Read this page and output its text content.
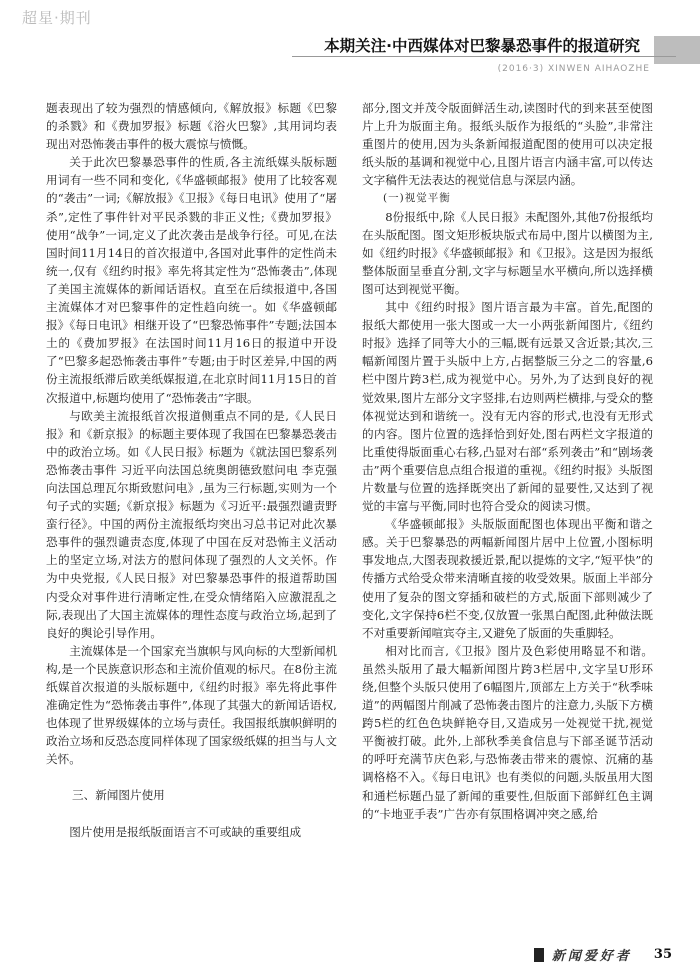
超星·期刊
本期关注·中西媒体对巴黎暴恐事件的报道研究
(2016·3) XINWEN AIHAOZHE

题表现出了较为强烈的情感倾向,《解放报》标题《巴黎的杀戮》和《费加罗报》标题《浴火巴黎》,其用词均表现出对恐怖袭击事件的极大震惊与愤慨。

关于此次巴黎暴恐事件的性质,各主流纸媒头版标题用词有一些不同和变化,《华盛顿邮报》使用了比较客观的“袭击”一词;《解放报》《卫报》《每日电讯》使用了“屠杀”,定性了事件针对平民杀戮的非正义性;《费加罗报》使用“战争”一词,定义了此次袭击是战争行径。可见,在法国时间11月14日的首次报道中,各国对此事件的定性尚未统一,仅有《纽约时报》率先将其定性为“恐怖袭击”,体现了美国主流媒体的新闻话语权。直至在后续报道中,各国主流媒体才对巴黎事件的定性趋向统一。如《华盛顿邮报》《每日电讯》相继开设了“巴黎恐怖事件”专题;法国本土的《费加罗报》在法国时间11月16日的报道中开设了“巴黎多起恐怖袭击事件”专题;由于时区差异,中国的两份主流报纸滞后欧美纸媒报道,在北京时间11月15日的首次报道中,标题均使用了“恐怖袭击”字眼。

与欧美主流报纸首次报道侧重点不同的是,《人民日报》和《新京报》的标题主要体现了我国在巴黎暴恐袭击中的政治立场。如《人民日报》标题为《就法国巴黎系列恐怖袭击事件 习近平向法国总统奥朗德致慰问电 李克强向法国总理瓦尔斯致慰问电》,虽为三行标题,实则为一个句子式的实题;《新京报》标题为《习近平:最强烈谴责野蛮行径》。中国的两份主流报纸均突出习总书记对此次暴恐事件的强烈谴责态度,体现了中国在反对恐怖主义活动上的坚定立场,对法方的慰问体现了强烈的人文关怀。作为中央党报,《人民日报》对巴黎暴恐事件的报道帮助国内受众对事件进行清晰定性,在受众情绪陷入应激混乱之际,表现出了大国主流媒体的理性态度与政治立场,起到了良好的舆论引导作用。

主流媒体是一个国家充当旗帜与风向标的大型新闻机构,是一个民族意识形态和主流价值观的标尺。在8份主流纸媒首次报道的头版标题中,《纽约时报》率先将此事件准确定性为“恐怖袭击事件”,体现了其强大的新闻话语权,也体现了世界级媒体的立场与责任。我国报纸旗帜鲜明的政治立场和反恐态度同样体现了国家级纸媒的担当与人文关怀。

三、新闻图片使用

图片使用是报纸版面语言不可或缺的重要组成

部分,图文并茂令版面鲜活生动,读图时代的到来甚至使图片上升为版面主角。报纸头版作为报纸的“头脸”,非常注重图片的使用,因为头条新闻报道配图的使用可以决定报纸头版的基调和视觉中心,且图片语言内涵丰富,可以传达文字稿件无法表达的视觉信息与深层内涵。

(一)视觉平衡

8份报纸中,除《人民日报》未配图外,其他7份报纸均在头版配图。图文矩形板块版式布局中,图片以横图为主,如《纽约时报》《华盛顿邮报》和《卫报》。这是因为报纸整体版面呈垂直分割,文字与标题呈水平横向,所以选择横图可达到视觉平衡。

其中《纽约时报》图片语言最为丰富。首先,配图的报纸大都使用一张大图或一大一小两张新闻图片,《纽约时报》选择了同等大小的三幅,既有远景又含近景;其次,三幅新闻图片置于头版中上方,占据整版三分之二的容量,6栏中图片跨3栏,成为视觉中心。另外,为了达到良好的视觉效果,图片左部分文字竖排,右边则两栏横排,与受众的整体视觉达到和谐统一。没有无内容的形式,也没有无形式的内容。图片位置的选择恰到好处,图右两栏文字报道的比重使得版面重心右移,凸显对右部“系列袭击”和“剧场袭击”两个重要信息点组合报道的重视。《纽约时报》头版图片数量与位置的选择既突出了新闻的显要性,又达到了视觉的丰富与平衡,同时也符合受众的阅读习惯。

《华盛顿邮报》头版版面配图也体现出平衡和谐之感。关于巴黎暴恐的两幅新闻图片居中上位置,小图标明事发地点,大图表现救援近景,配以提炼的文字,“短平快”的传播方式给受众带来清晰直接的收受效果。版面上半部分使用了复杂的图文穿插和破栏的方式,版面下部则减少了变化,文字保持6栏不变,仅放置一张黑白配图,此种做法既不对重要新闻喧宾夺主,又避免了版面的失重脚轻。

相对比而言,《卫报》图片及色彩使用略显不和谐。虽然头版用了最大幅新闻图片跨3栏居中,文字呈U形环绕,但整个头版只使用了6幅图片,顶部左上方关于“秋季味道”的两幅图片削减了恐怖袭击图片的注意力,头版下方横跨5栏的红色色块鲜艳夺目,又造成另一处视觉干扰,视觉平衡被打破。此外,上部秋季美食信息与下部圣诞节活动的呼吁充满节庆色彩,与恐怖袭击带来的震惊、沉痛的基调格格不入。《每日电讯》也有类似的问题,头版虽用大图和通栏标题凸显了新闻的重要性,但版面下部鲜红色主调的“卡地亚手表”广告亦有氛围格调冲突之感,给

新闻爱好者 35
